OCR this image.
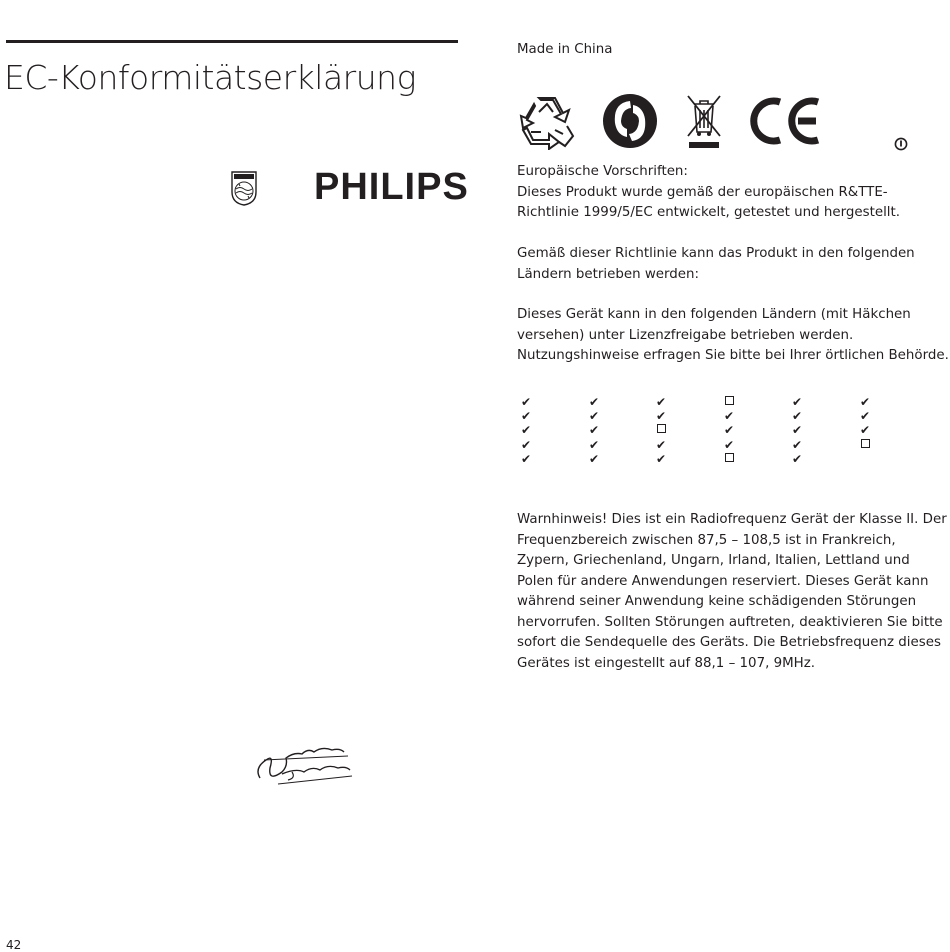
EC-Konformitätserklärung
PHILIPS
42
Made in China

Europäische Vorschriften:
Dieses Produkt wurde gemäß der europäischen R&TTE-Richtlinie 1999/5/EC entwickelt, getestet und hergestellt.

Gemäß dieser Richtlinie kann das Produkt in den folgenden Ländern betrieben werden:

Dieses Gerät kann in den folgenden Ländern (mit Häkchen versehen) unter Lizenzfreigabe betrieben werden. Nutzungshinweise erfragen Sie bitte bei Ihrer örtlichen Behörde.

✔
✔
✔
✔
✔
✔
✔
✔
✔
✔
✔
✔
✔
✔
✔
✔
✔
✔
✔
✔
✔
✔
✔
✔
✔

Warnhinweis! Dies ist ein Radiofrequenz Gerät der Klasse II. Der Frequenzbereich zwischen 87,5 – 108,5 ist in Frankreich, Zypern, Griechenland, Ungarn, Irland, Italien, Lettland und Polen für andere Anwendungen reserviert. Dieses Gerät kann während seiner Anwendung keine schädigenden Störungen hervorrufen. Sollten Störungen auftreten, deaktivieren Sie bitte sofort die Sendequelle des Geräts. Die Betriebsfrequenz dieses Gerätes ist eingestellt auf 88,1 – 107, 9MHz.
